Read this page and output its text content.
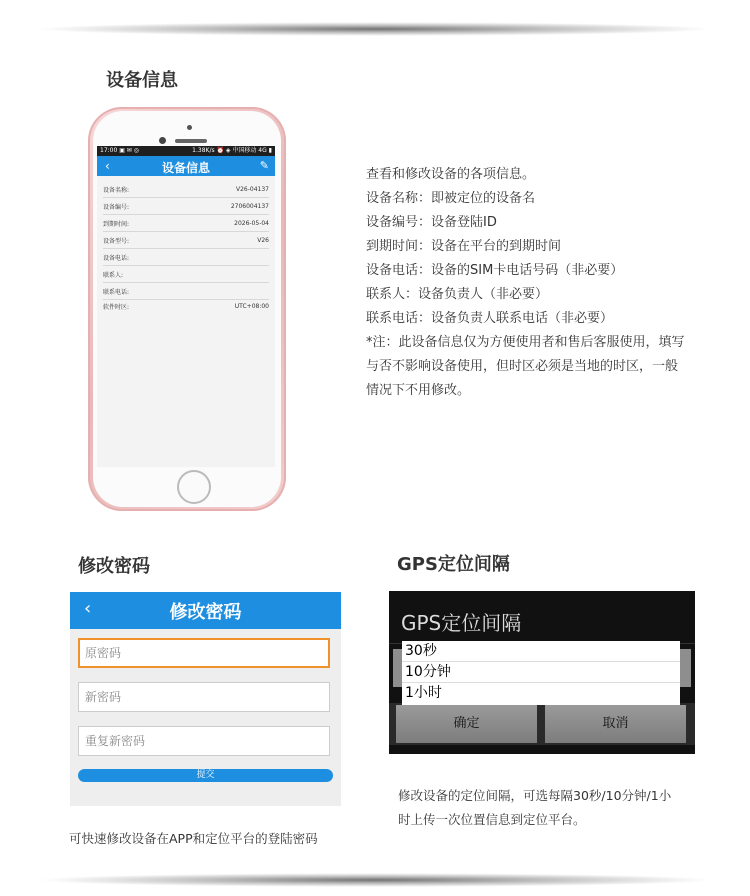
设备信息
17:00 ▣ ✉ ◎	1.38K/s ⏰ ◈ 中国移动 4G ▮
‹	设备信息	✎
设备名称:	V26-04137
设备编号:	2706004137
到期时间:	2026-05-04
设备型号:	V26
设备电话:
联系人:
联系电话:
软件时区:	UTC+08:00
查看和修改设备的各项信息。
设备名称：即被定位的设备名
设备编号：设备登陆ID
到期时间：设备在平台的到期时间
设备电话：设备的SIM卡电话号码（非必要）
联系人：设备负责人（非必要）
联系电话：设备负责人联系电话（非必要）
*注：此设备信息仅为方便使用者和售后客服使用，填写
与否不影响设备使用，但时区必须是当地的时区，一般
情况下不用修改。
修改密码	GPS定位间隔
‹	修改密码
原密码
新密码
重复新密码
提交
可快速修改设备在APP和定位平台的登陆密码
GPS定位间隔
确定	取消
30秒
10分钟
1小时
修改设备的定位间隔，可选每隔30秒/10分钟/1小
时上传一次位置信息到定位平台。
